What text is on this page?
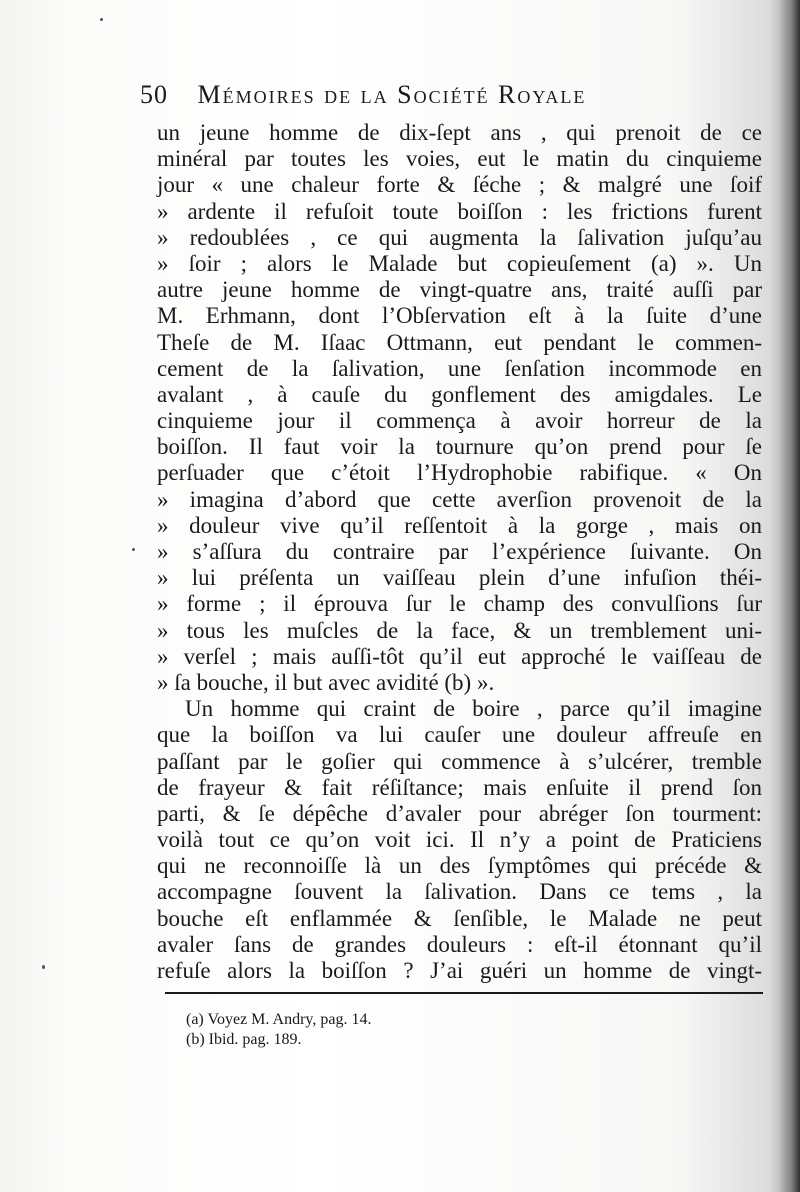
50 Mémoires de la Société Royale
un jeune homme de dix-ſept ans , qui prenoit de ce
minéral par toutes les voies, eut le matin du cinquieme
jour « une chaleur forte & ſéche ; & malgré une ſoif
» ardente il refuſoit toute boiſſon : les frictions furent
» redoublées , ce qui augmenta la ſalivation juſqu’au
» ſoir ; alors le Malade but copieuſement (a) ». Un
autre jeune homme de vingt-quatre ans, traité auſſi par
M. Erhmann, dont l’Obſervation eſt à la ſuite d’une
Theſe de M. Iſaac Ottmann, eut pendant le commen-
cement de la ſalivation, une ſenſation incommode en
avalant , à cauſe du gonflement des amigdales. Le
cinquieme jour il commença à avoir horreur de la
boiſſon. Il faut voir la tournure qu’on prend pour ſe
perſuader que c’étoit l’Hydrophobie rabifique. « On
» imagina d’abord que cette averſion provenoit de la
» douleur vive qu’il reſſentoit à la gorge , mais on
» s’aſſura du contraire par l’expérience ſuivante. On
» lui préſenta un vaiſſeau plein d’une infuſion théi-
» forme ; il éprouva ſur le champ des convulſions ſur
» tous les muſcles de la face, & un tremblement uni-
» verſel ; mais auſſi-tôt qu’il eut approché le vaiſſeau de
» ſa bouche, il but avec avidité (b) ».
Un homme qui craint de boire , parce qu’il imagine
que la boiſſon va lui cauſer une douleur affreuſe en
paſſant par le goſier qui commence à s’ulcérer, tremble
de frayeur & fait réſiſtance; mais enſuite il prend ſon
parti, & ſe dépêche d’avaler pour abréger ſon tourment:
voilà tout ce qu’on voit ici. Il n’y a point de Praticiens
qui ne reconnoiſſe là un des ſymptômes qui précéde &
accompagne ſouvent la ſalivation. Dans ce tems , la
bouche eſt enflammée & ſenſible, le Malade ne peut
avaler ſans de grandes douleurs : eſt-il étonnant qu’il
refuſe alors la boiſſon ? J’ai guéri un homme de vingt-
(a) Voyez M. Andry, pag. 14.
(b) Ibid. pag. 189.
